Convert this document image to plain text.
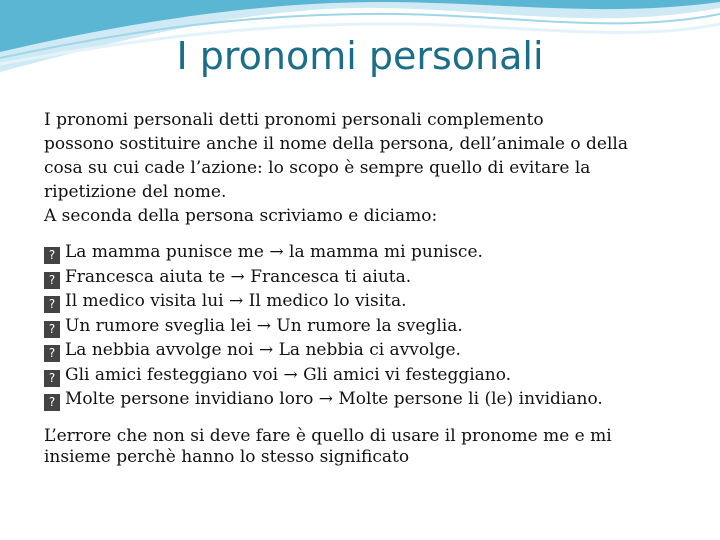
I pronomi personali

I pronomi personali detti pronomi personali complemento
possono sostituire anche il nome della persona, dell’animale o della
cosa su cui cade l’azione: lo scopo è sempre quello di evitare la
ripetizione del nome.
A seconda della persona scriviamo e diciamo:

? La mamma punisce me → la mamma mi punisce.
? Francesca aiuta te → Francesca ti aiuta.
? Il medico visita lui → Il medico lo visita.
? Un rumore sveglia lei → Un rumore la sveglia.
? La nebbia avvolge noi → La nebbia ci avvolge.
? Gli amici festeggiano voi → Gli amici vi festeggiano.
? Molte persone invidiano loro → Molte persone li (le) invidiano.

L’errore che non si deve fare è quello di usare il pronome me e mi
insieme perchè hanno lo stesso significato
